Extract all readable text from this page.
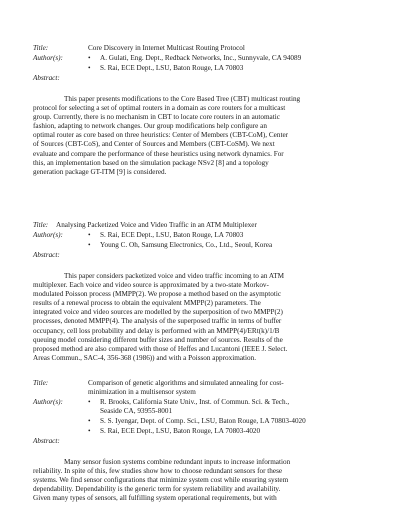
Title:	Core Discovery in Internet Multicast Routing Protocol
Author(s):	• A. Gulati, Eng. Dept., Redback Networks, Inc., Sunnyvale, CA 94089
• S. Rai, ECE Dept., LSU, Baton Rouge, LA 70803
Abstract:
This paper presents modifications to the Core Based Tree (CBT) multicast routing
protocol for selecting a set of optimal routers in a domain as core routers for a multicast
group. Currently, there is no mechanism in CBT to locate core routers in an automatic
fashion, adapting to network changes. Our group modifications help configure an
optimal router as core based on three heuristics: Center of Members (CBT-CoM), Center
of Sources (CBT-CoS), and Center of Sources and Members (CBT-CoSM). We next
evaluate and compare the performance of these heuristics using network dynamics. For
this, an implementation based on the simulation package NSv2 [8] and a topology
generation package GT-ITM [9] is considered.
Title: Analysing Packetized Voice and Video Traffic in an ATM Multiplexer
Author(s):	• S. Rai, ECE Dept., LSU, Baton Rouge, LA 70803
• Young C. Oh, Samsung Electronics, Co., Ltd., Seoul, Korea
Abstract:
This paper considers packetized voice and video traffic incoming to an ATM
multiplexer. Each voice and video source is approximated by a two-state Morkov-
modulated Poisson process (MMPP(2). We propose a method based on the asymptotic
results of a renewal process to obtain the equivalent MMPP(2) parameters. The
integrated voice and video sources are modelled by the superposition of two MMPP(2)
processes, denoted MMPP(4). The analysis of the superposed traffic in terms of buffer
occupancy, cell loss probability and delay is performed with an MMPP(4)/ERt(k)/1/B
queuing model considering different buffer sizes and number of sources. Results of the
proposed method are also compared with those of Heffes and Lucantoni (IEEE J. Select.
Areas Commun., SAC-4, 356-368 (1986)) and with a Poisson approximation.
Title:	Comparison of genetic algorithms and simulated annealing for cost-
minimization in a multisensor system
Author(s):	• R. Brooks, California State Univ., Inst. of Commun. Sci. & Tech.,
Seaside CA, 93955-8001
• S. S. Iyengar, Dept. of Comp. Sci., LSU, Baton Rouge, LA 70803-4020
• S. Rai, ECE Dept., LSU, Baton Rouge, LA 70803-4020
Abstract:
Many sensor fusion systems combine redundant inputs to increase information
reliability. In spite of this, few studies show how to choose redundant sensors for these
systems. We find sensor configurations that minimize system cost while ensuring system
dependability. Dependability is the generic term for system reliability and availability.
Given many types of sensors, all fulfilling system operational requirements, but with
